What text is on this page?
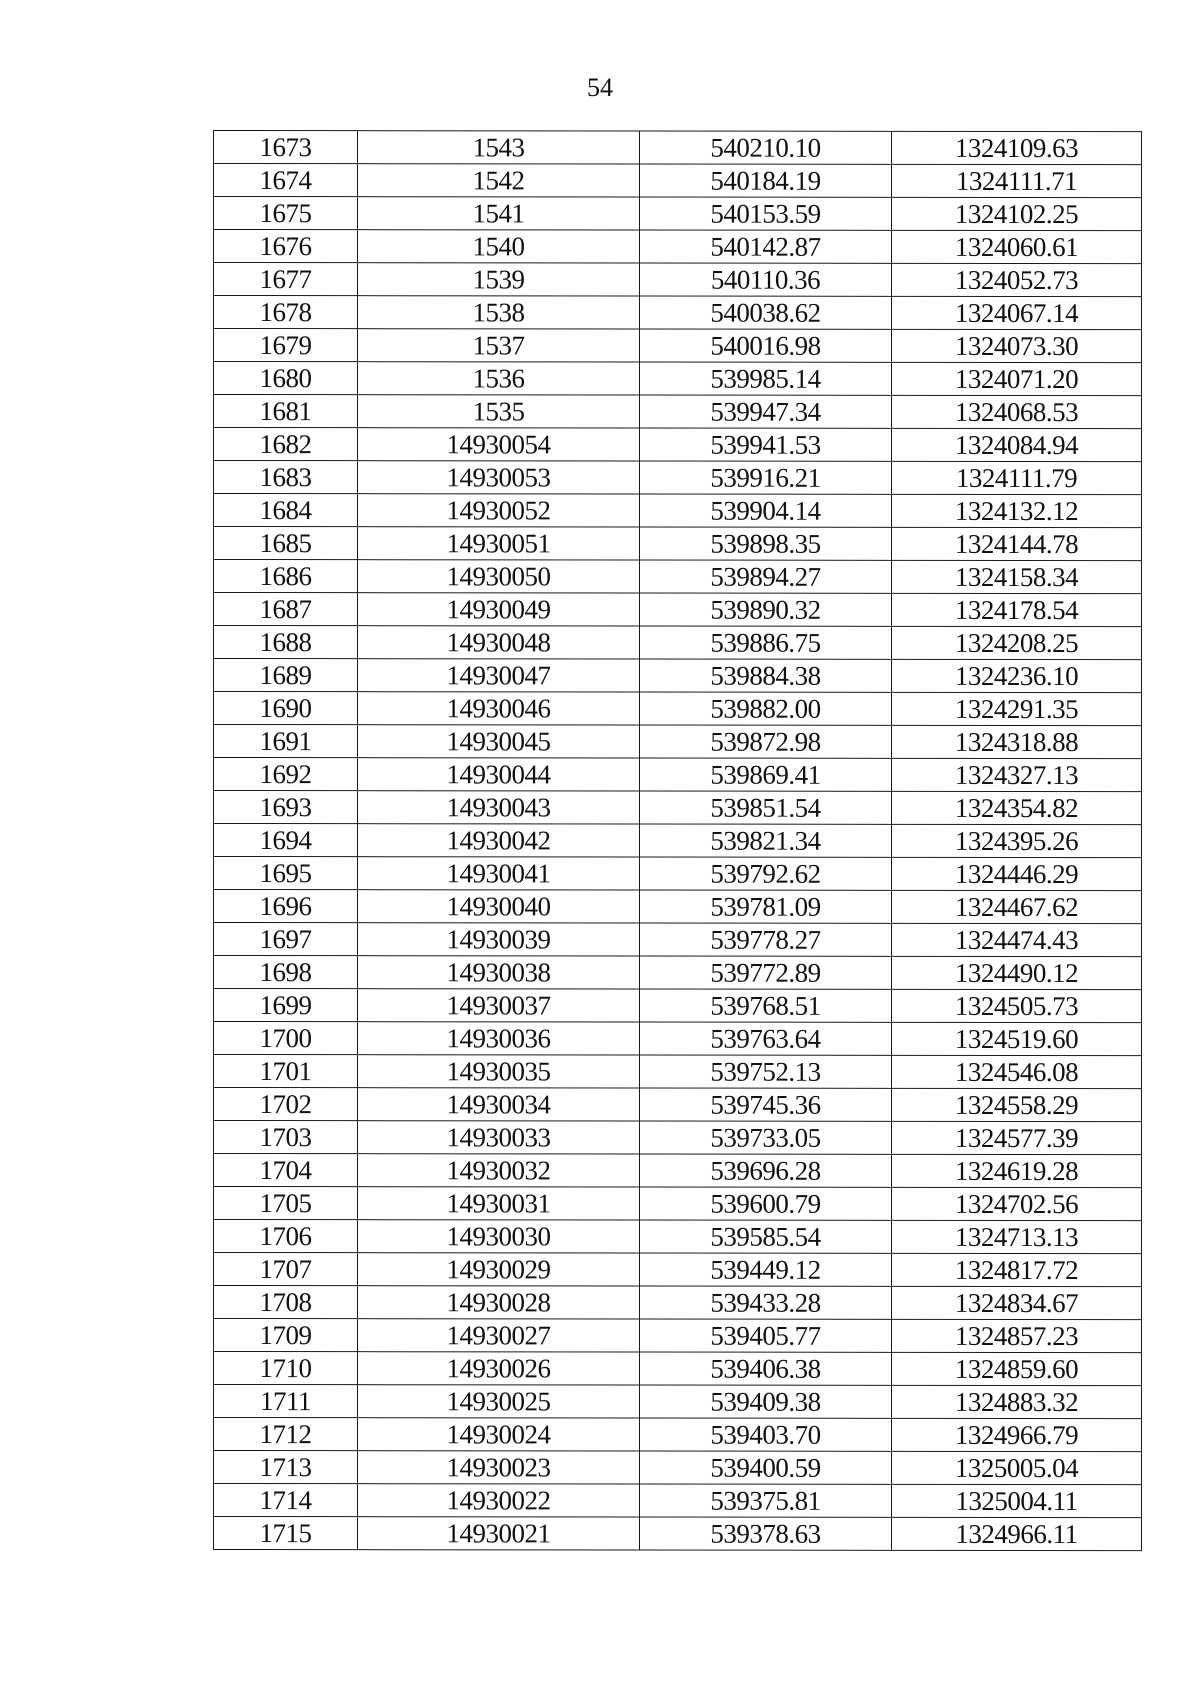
54
1673	1543	540210.10	1324109.63
1674	1542	540184.19	1324111.71
1675	1541	540153.59	1324102.25
1676	1540	540142.87	1324060.61
1677	1539	540110.36	1324052.73
1678	1538	540038.62	1324067.14
1679	1537	540016.98	1324073.30
1680	1536	539985.14	1324071.20
1681	1535	539947.34	1324068.53
1682	14930054	539941.53	1324084.94
1683	14930053	539916.21	1324111.79
1684	14930052	539904.14	1324132.12
1685	14930051	539898.35	1324144.78
1686	14930050	539894.27	1324158.34
1687	14930049	539890.32	1324178.54
1688	14930048	539886.75	1324208.25
1689	14930047	539884.38	1324236.10
1690	14930046	539882.00	1324291.35
1691	14930045	539872.98	1324318.88
1692	14930044	539869.41	1324327.13
1693	14930043	539851.54	1324354.82
1694	14930042	539821.34	1324395.26
1695	14930041	539792.62	1324446.29
1696	14930040	539781.09	1324467.62
1697	14930039	539778.27	1324474.43
1698	14930038	539772.89	1324490.12
1699	14930037	539768.51	1324505.73
1700	14930036	539763.64	1324519.60
1701	14930035	539752.13	1324546.08
1702	14930034	539745.36	1324558.29
1703	14930033	539733.05	1324577.39
1704	14930032	539696.28	1324619.28
1705	14930031	539600.79	1324702.56
1706	14930030	539585.54	1324713.13
1707	14930029	539449.12	1324817.72
1708	14930028	539433.28	1324834.67
1709	14930027	539405.77	1324857.23
1710	14930026	539406.38	1324859.60
1711	14930025	539409.38	1324883.32
1712	14930024	539403.70	1324966.79
1713	14930023	539400.59	1325005.04
1714	14930022	539375.81	1325004.11
1715	14930021	539378.63	1324966.11
